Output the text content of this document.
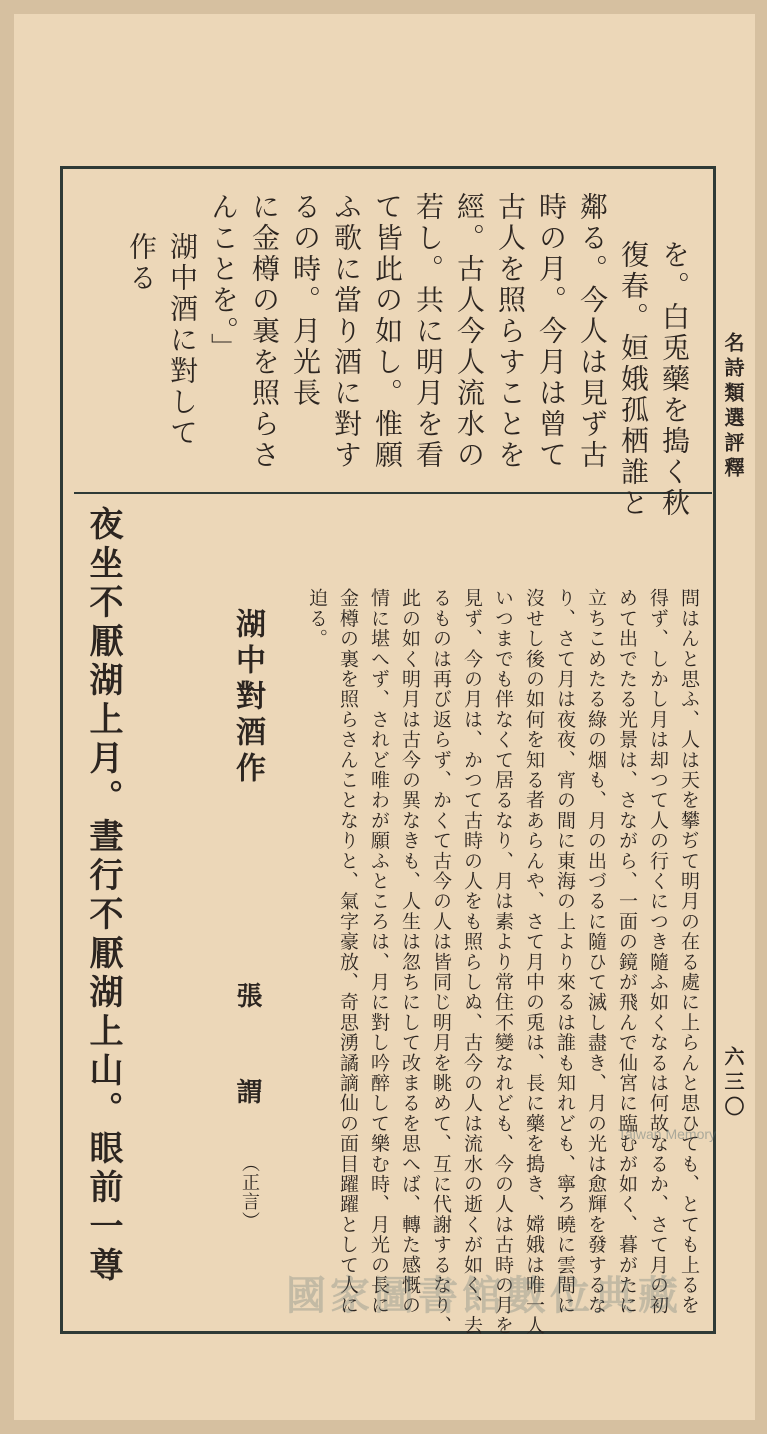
名詩類選評釋
六三〇
を。白兎藥を搗く秋
復春。姮娥孤栖誰と
鄰る。今人は見ず古
時の月。今月は曾て
古人を照らすことを
經。古人今人流水の
若し。共に明月を看
て皆此の如し。惟願
ふ歌に當り酒に對す
るの時。月光長
に金樽の裏を照らさ
んことを。」
湖中酒に對して
作る
問はんと思ふ、人は天を攀ぢて明月の在る處に上らんと思ひても、とても上るを
得ず、しかし月は却つて人の行くにつき隨ふ如くなるは何故なるか、さて月の初
めて出でたる光景は、さながら、一面の鏡が飛んで仙宮に臨むが如く、暮がたに
立ちこめたる綠の烟も、月の出づるに隨ひて滅し盡き、月の光は愈輝を發するな
り、さて月は夜夜、宵の間に東海の上より來るは誰も知れども、寧ろ曉に雲間に
沒せし後の如何を知る者あらんや、さて月中の兎は、長に藥を搗き、嫦娥は唯一人
いつまでも伴なくて居るなり、月は素より常住不變なれども、今の人は古時の月を
見ず、今の月は、かつて古時の人をも照らしぬ、古今の人は流水の逝くが如く、去
るものは再び返らず、かくて古今の人は皆同じ明月を眺めて、互に代謝するなり、
此の如く明月は古今の異なきも、人生は忽ちにして改まるを思へば、轉た感慨の
情に堪へず、されど唯わが願ふところは、月に對し吟醉して樂む時、月光の長に
金樽の裏を照らさんことなりと、氣字豪放、奇思湧譎謫仙の面目躍躍として人に
迫る。
湖中對酒作
張　　謂
（正言）
夜坐不厭湖上月。晝行不厭湖上山。眼前一尊
國家圖書館數位典藏
Taiwan Memory
